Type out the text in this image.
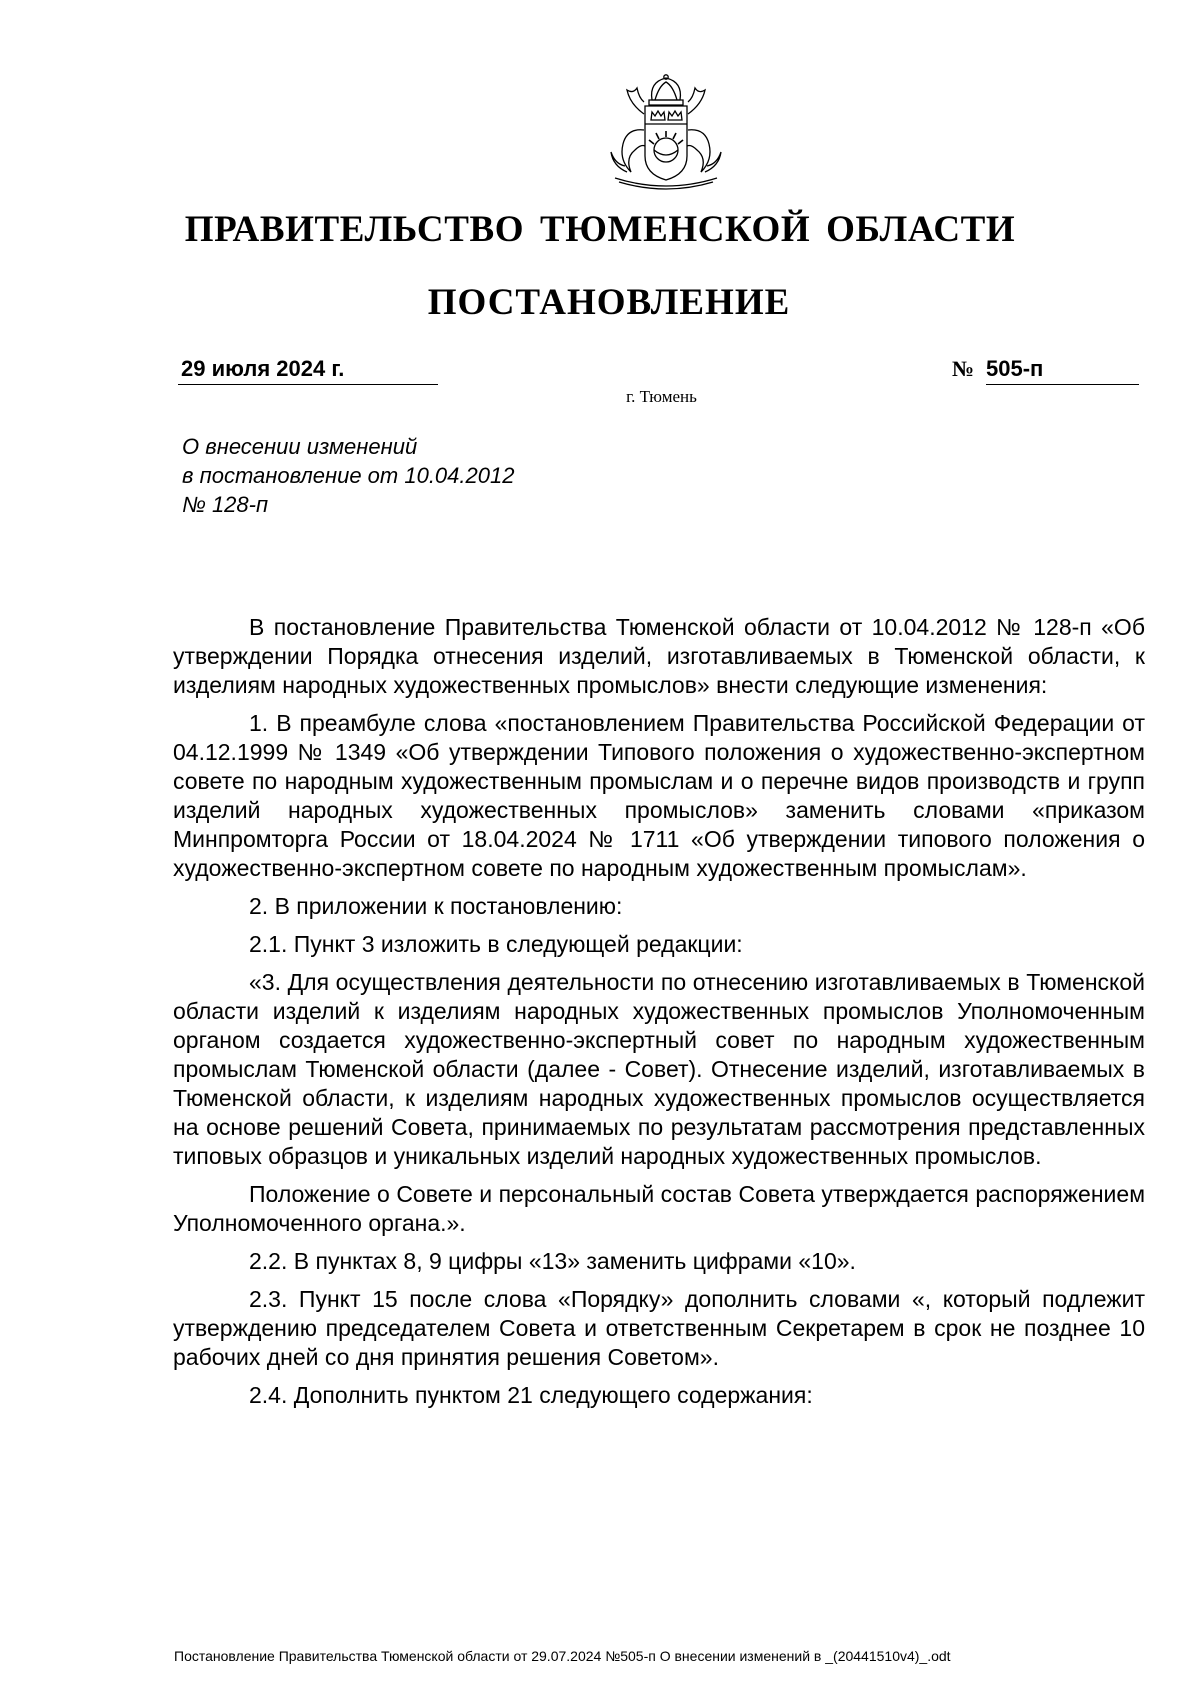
ПРАВИТЕЛЬСТВО ТЮМЕНСКОЙ ОБЛАСТИ
ПОСТАНОВЛЕНИЕ
29 июля 2024 г.	№ 505-п
г. Тюмень
О внесении изменений
в постановление от 10.04.2012
№ 128-п

В постановление Правительства Тюменской области от 10.04.2012 № 128-п «Об утверждении Порядка отнесения изделий, изготавливаемых в Тюменской области, к изделиям народных художественных промыслов» внести следующие изменения:

1. В преамбуле слова «постановлением Правительства Российской Федерации от 04.12.1999 № 1349 «Об утверждении Типового положения о художественно-экспертном совете по народным художественным промыслам и о перечне видов производств и групп изделий народных художественных промыслов» заменить словами «приказом Минпромторга России от 18.04.2024 № 1711 «Об утверждении типового положения о художественно-экспертном совете по народным художественным промыслам».

2. В приложении к постановлению:

2.1. Пункт 3 изложить в следующей редакции:

«3. Для осуществления деятельности по отнесению изготавливаемых в Тюменской области изделий к изделиям народных художественных промыслов Уполномоченным органом создается художественно-экспертный совет по народным художественным промыслам Тюменской области (далее - Совет). Отнесение изделий, изготавливаемых в Тюменской области, к изделиям народных художественных промыслов осуществляется на основе решений Совета, принимаемых по результатам рассмотрения представленных типовых образцов и уникальных изделий народных художественных промыслов.

Положение о Совете и персональный состав Совета утверждается распоряжением Уполномоченного органа.».

2.2. В пунктах 8, 9 цифры «13» заменить цифрами «10».

2.3. Пункт 15 после слова «Порядку» дополнить словами «, который подлежит утверждению председателем Совета и ответственным Секретарем в срок не позднее 10 рабочих дней со дня принятия решения Советом».

2.4. Дополнить пунктом 21 следующего содержания:

Постановление Правительства Тюменской области от 29.07.2024 №505-п О внесении изменений в _(20441510v4)_.odt
